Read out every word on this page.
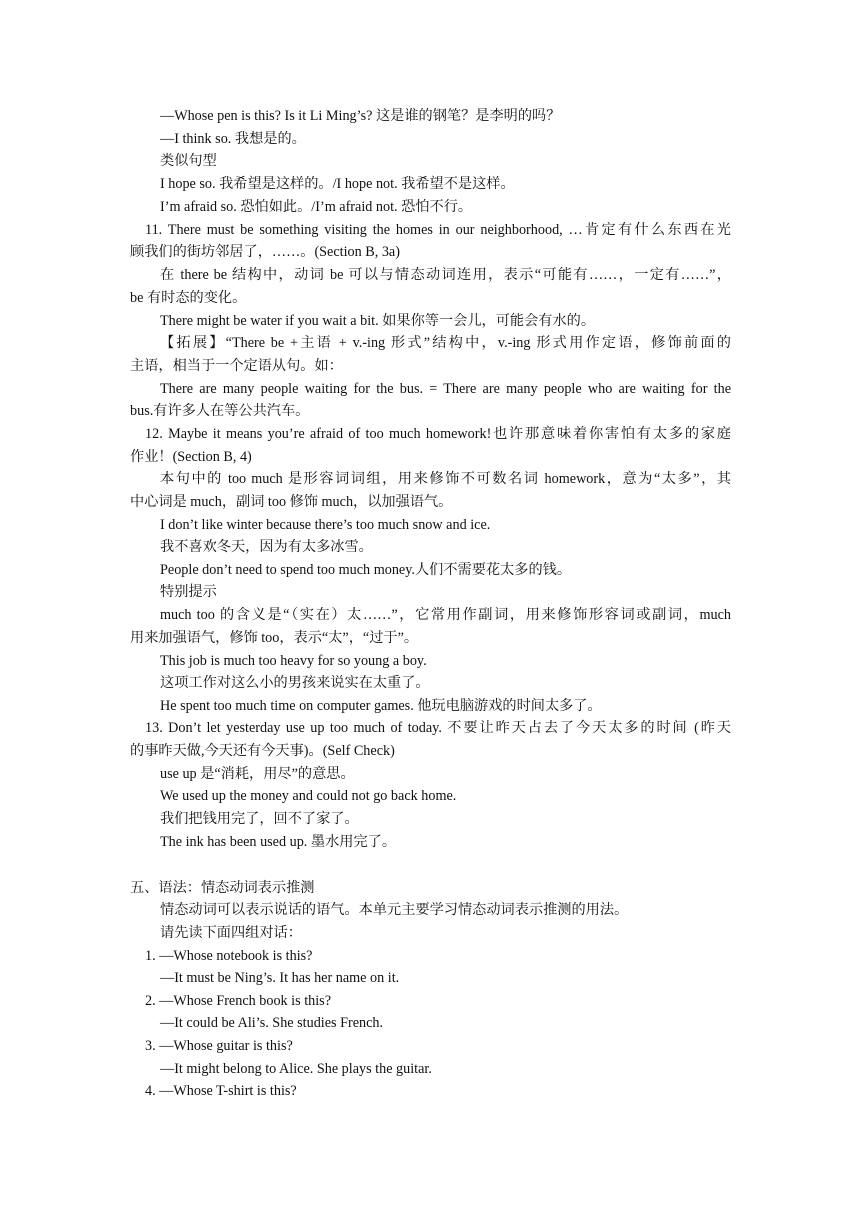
—Whose pen is this? Is it Li Ming’s? 这是谁的钢笔？是李明的吗？
—I think so. 我想是的。
类似句型
I hope so. 我希望是这样的。/I hope not. 我希望不是这样。
I’m afraid so. 恐怕如此。/I’m afraid not. 恐怕不行。
11. There must be something visiting the homes in our neighborhood, …肯定有什么东西在光
顾我们的街坊邻居了，……。(Section B, 3a)
在 there be 结构中，动词 be 可以与情态动词连用，表示“可能有……，一定有……”，
be 有时态的变化。
There might be water if you wait a bit. 如果你等一会儿，可能会有水的。
【拓展】“There be +主语 + v.-ing 形式”结构中，v.-ing 形式用作定语，修饰前面的
主语，相当于一个定语从句。如：
There are many people waiting for the bus. = There are many people who are waiting for the
bus.有许多人在等公共汽车。
12. Maybe it means you’re afraid of too much homework!也许那意味着你害怕有太多的家庭
作业！(Section B, 4)
本句中的 too much 是形容词词组，用来修饰不可数名词 homework，意为“太多”，其
中心词是 much，副词 too 修饰 much，以加强语气。
I don’t like winter because there’s too much snow and ice.
我不喜欢冬天，因为有太多冰雪。
People don’t need to spend too much money.人们不需要花太多的钱。
特别提示
much too 的含义是“（实在）太……”，它常用作副词，用来修饰形容词或副词，much
用来加强语气，修饰 too，表示“太”，“过于”。
This job is much too heavy for so young a boy.
这项工作对这么小的男孩来说实在太重了。
He spent too much time on computer games. 他玩电脑游戏的时间太多了。
13. Don’t let yesterday use up too much of today. 不要让昨天占去了今天太多的时间 (昨天
的事昨天做,今天还有今天事)。(Self Check)
use up 是“消耗，用尽”的意思。
We used up the money and could not go back home.
我们把钱用完了，回不了家了。
The ink has been used up. 墨水用完了。
五、语法：情态动词表示推测
情态动词可以表示说话的语气。本单元主要学习情态动词表示推测的用法。
请先读下面四组对话：
1. —Whose notebook is this?
—It must be Ning’s. It has her name on it.
2. —Whose French book is this?
—It could be Ali’s. She studies French.
3. —Whose guitar is this?
—It might belong to Alice. She plays the guitar.
4. —Whose T-shirt is this?
